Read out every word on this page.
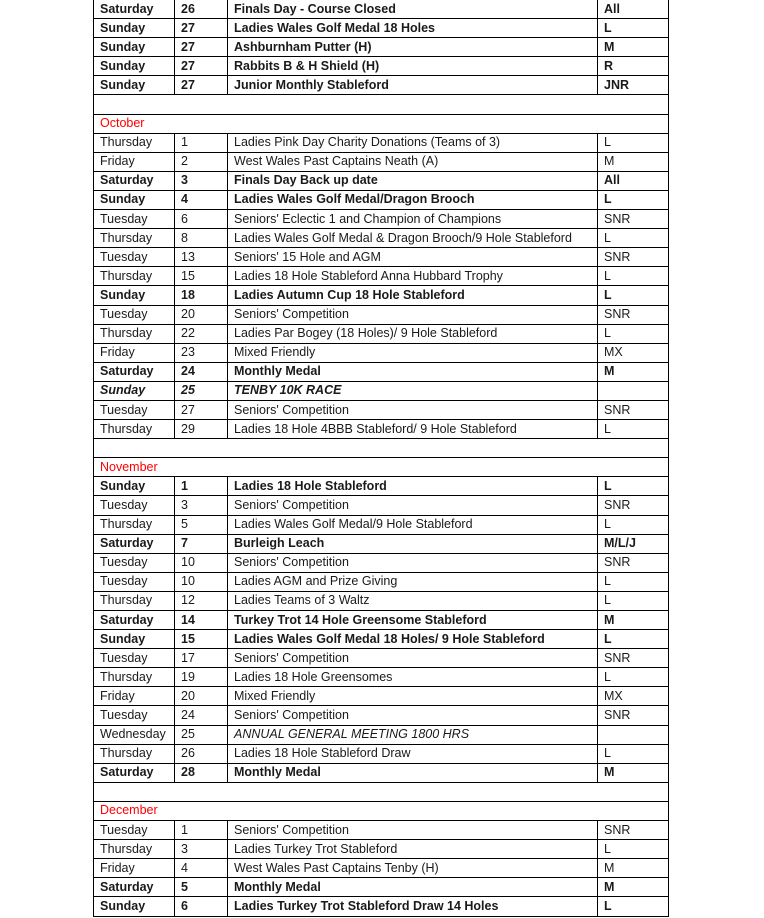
Saturday	26	Finals Day - Course Closed	All
Sunday	27	Ladies Wales Golf Medal 18 Holes	L
Sunday	27	Ashburnham Putter (H)	M
Sunday	27	Rabbits B & H Shield (H)	R
Sunday	27	Junior Monthly Stableford	JNR

October			
Thursday	1	Ladies Pink Day Charity Donations (Teams of 3)	L
Friday	2	West Wales Past Captains Neath (A)	M
Saturday	3	Finals Day Back up date	All
Sunday	4	Ladies Wales Golf Medal/Dragon Brooch	L
Tuesday	6	Seniors' Eclectic 1 and Champion of Champions	SNR
Thursday	8	Ladies Wales Golf Medal & Dragon Brooch/9 Hole Stableford	L
Tuesday	13	Seniors' 15 Hole and AGM	SNR
Thursday	15	Ladies 18 Hole Stableford Anna Hubbard Trophy	L
Sunday	18	Ladies Autumn Cup 18 Hole Stableford	L
Tuesday	20	Seniors' Competition	SNR
Thursday	22	Ladies Par Bogey (18 Holes)/ 9 Hole Stableford	L
Friday	23	Mixed Friendly	MX
Saturday	24	Monthly Medal	M
Sunday	25	TENBY 10K RACE	
Tuesday	27	Seniors' Competition	SNR
Thursday	29	Ladies 18 Hole 4BBB Stableford/ 9 Hole Stableford	L

November			
Sunday	1	Ladies 18 Hole Stableford	L
Tuesday	3	Seniors' Competition	SNR
Thursday	5	Ladies Wales Golf Medal/9 Hole Stableford	L
Saturday	7	Burleigh Leach	M/L/J
Tuesday	10	Seniors' Competition	SNR
Tuesday	10	Ladies AGM and Prize Giving	L
Thursday	12	Ladies Teams of 3 Waltz	L
Saturday	14	Turkey Trot 14 Hole Greensome Stableford	M
Sunday	15	Ladies Wales Golf Medal 18 Holes/ 9 Hole Stableford	L
Tuesday	17	Seniors' Competition	SNR
Thursday	19	Ladies 18 Hole Greensomes	L
Friday	20	Mixed Friendly	MX
Tuesday	24	Seniors' Competition	SNR
Wednesday	25	ANNUAL GENERAL MEETING 1800 HRS	
Thursday	26	Ladies 18 Hole Stableford Draw	L
Saturday	28	Monthly Medal	M

December			
Tuesday	1	Seniors' Competition	SNR
Thursday	3	Ladies Turkey Trot Stableford	L
Friday	4	West Wales Past Captains Tenby (H)	M
Saturday	5	Monthly Medal	M
Sunday	6	Ladies Turkey Trot Stableford Draw 14 Holes	L
